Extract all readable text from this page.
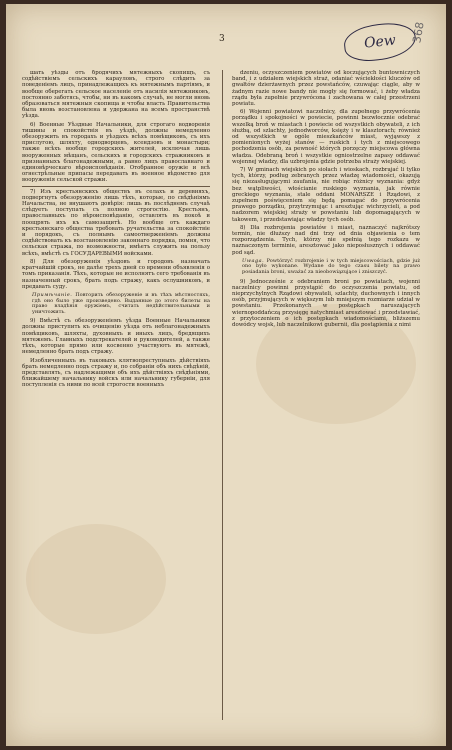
3	Oew	368

шать уѣзды отъ бродячихъ мятежныхъ скопищъ, съ содѣйствіемъ сельскихъ карауловъ, строго слѣдить за поведеніемъ лицъ, принадлежащихъ къ мятежнымъ партіямъ, и вообще оберегать сельское населеніе отъ насилія мятежниковъ, постоянно заботясь, чтобы, ни въ какомъ случаѣ, не могли вновь образоваться мятежныя скопища и чтобы власть Правительства была вновь возстановлена и удержана на всемъ пространствѣ уѣзда.

6) Военные Уѣздные Начальники, для строгаго водворенія тишины и спокойствія въ уѣздѣ, должны немедленно обезоружить въ городахъ и уѣздахъ всѣхъ помѣщиковъ, съ ихъ прислугою, шляхту, однодворцевъ, ксендзовъ и монастыри; также всѣхъ вообще городскихъ жителей, исключая лишь вооруженных мѣщанъ, сельскихъ и городскихъ стражниковъ и признанныхъ благонадежными, а равно лицъ православнаго и единовѣрческаго вѣроисповѣданія. Отобранное оружіе и всѣ огнестрѣльные припасы передавать въ военное вѣдомство для вооруженія сельской стражи.

7) Изъ крестьянскихъ обществъ въ селахъ и деревняхъ, подвергнуть обезоруженію лишь тѣхъ, которые, по свѣдѣніямъ Начальства, не внушаютъ довѣрія: лишь въ послѣднемъ случаѣ слѣдуетъ поступать съ полною строгостію. Крестьянъ, православныхъ по вѣроисповѣданію, оставлять въ покоѣ и поощрять ихъ къ самозащитѣ. Но вообще отъ каждаго крестьянскаго общества требовать ручательства за спокойствіе и порядокъ, съ полнымъ самоотверженіемъ должны содѣйствовать къ возстановленію законнаго порядка, помня, что сельская стража, по возможности, имѣетъ служить на пользу всѣхъ, вмѣстѣ съ ГОСУДАРЕВЫМИ войсками.

8) Для обезоруженія уѣздовъ и городовъ назначать кратчайшій срокъ, не далѣе трехъ дней со времени объявленія о томъ приказанія. Тѣхъ, которые не исполнятъ сего требованія въ назначенный срокъ, брать подъ стражу, какъ ослушниковъ, и предавать суду.

Примѣчаніе. Повторить обезоруженіе и въ тѣхъ мѣстностяхъ, гдѣ оно было уже произведено. Выданные до этого билеты на право владѣнія оружіемъ, считать недѣйствительными и уничтожить.

9) Вмѣстѣ съ обезоруженіемъ уѣзда Военные Начальники должны приступить къ очищенію уѣзда отъ неблагонадежныхъ помѣщиковъ, шляхты, духовныхъ и иныхъ лицъ, бредящихъ мятежемъ. Главныхъ подстрекателей и руководителей, а также тѣхъ, которые прямо или косвенно участвуютъ въ мятежѣ, немедленно брать подъ стражу.

Изобличенныхъ въ таковыхъ клятвопреступныхъ дѣйствіяхъ брать немедленно подъ стражу и, по собраніи объ нихъ свѣдѣній, представлять, съ надлежащими объ ихъ дѣйствіяхъ свѣдѣніями, ближайшему начальнику войскъ или начальнику губерніи, для поступленія съ ними по всей строгости военныхъ

dzeniu, oczyszczeniem powiatów od koczujących buntowniczych band, i z udziałem wiejskich straż, odaniać wściekłości kluczów od gwałtów dzierżawnych przez powstańców, czuwając ciągle, aby w żadnym razie nowe bandy nie mogły się formować, i żeby władza rządu była zupełnie przywrócona i zachowana w całej przestrzeni powiatu.

6) Wojenni powiatowi naczelnicy, dla zupełnego przywrócenia porządku i spokojności w powiecie, powinni bezwłocznie odebrać wszelką broń w miastach i powiecie od wszystkich obywateli, z ich służbą, od szlachty, jednodworców, księży i w klasztorach; również od wszystkich w ogóle mieszkańców miast, wyjąwszy z pomienionych wyżej stanów — ruskich i tych z miejscowego pochodzenia osób, za pewność których porzęczy miejscowa główna władza. Odebraną broń i wszystkie ogniostrzelne zapasy oddawać wojennej władzy, dla uzbrojenia gdzie potrzeba straży wiejskiej.

7) W gminach wiejskich po siołach i wioskach, rozbrajać li tylko tych, którzy, podług zebranych przez władzę wiadomości, okazują się niezasługującymi zaufania, nie robiąc różnicy wyznania: gdyż bez wątpliwości, włościanie ruskiego wyznania, jak równie greckiego wyznania, stale oddani MONARSZE i Rządowi, z zupełnem poświęceniem się będą pomagać do przywrócenia prawego porządku, przytrzymując i aresztując wichrzycieli, a pod nadzorem wiejskiej straży w powstaniu lub dopomagających w takowem, i przedstawiając władzy tych osób.

8) Dla rozbrojenia powiatów i miast, naznaczyć najkrótszy termin, nie dłuższy nad dni trzy od dnia objawienia o tem rozporządzenia. Tych, którzy nie spełnią tego rozkazu w naznaczonym terminie, aresztować jako nieposłusznych i oddawać pod sąd.

Uwaga. Powtórzyć rozbrojenie i w tych miejscowościach, gdzie już ono było wykonane. Wydane do tego czasu bilety na prawo posiadania broni, uważać za nieobowiązujące i zniszczyć.

9) Jednocześnie z odebraniem broni po powiatach, wojenni naczelnicy powinni przystąpić do oczyszczenia powiatu, od nieprzychylnych Rządowi obywateli, szlachty, duchownych i innych osób, przyjmujących w większym lub mniejszym rozmiarze udział w powstaniu. Przekonanych w postępkach naruszających wiernopoddańczą przysięgę natychmiast aresztować i przedstawiać, z przytoczeniem o ich postępkach wiadomościami, bliższemu dowódcy wojsk, lub naczelnikowi gubernii, dla postąpienia z nimi
